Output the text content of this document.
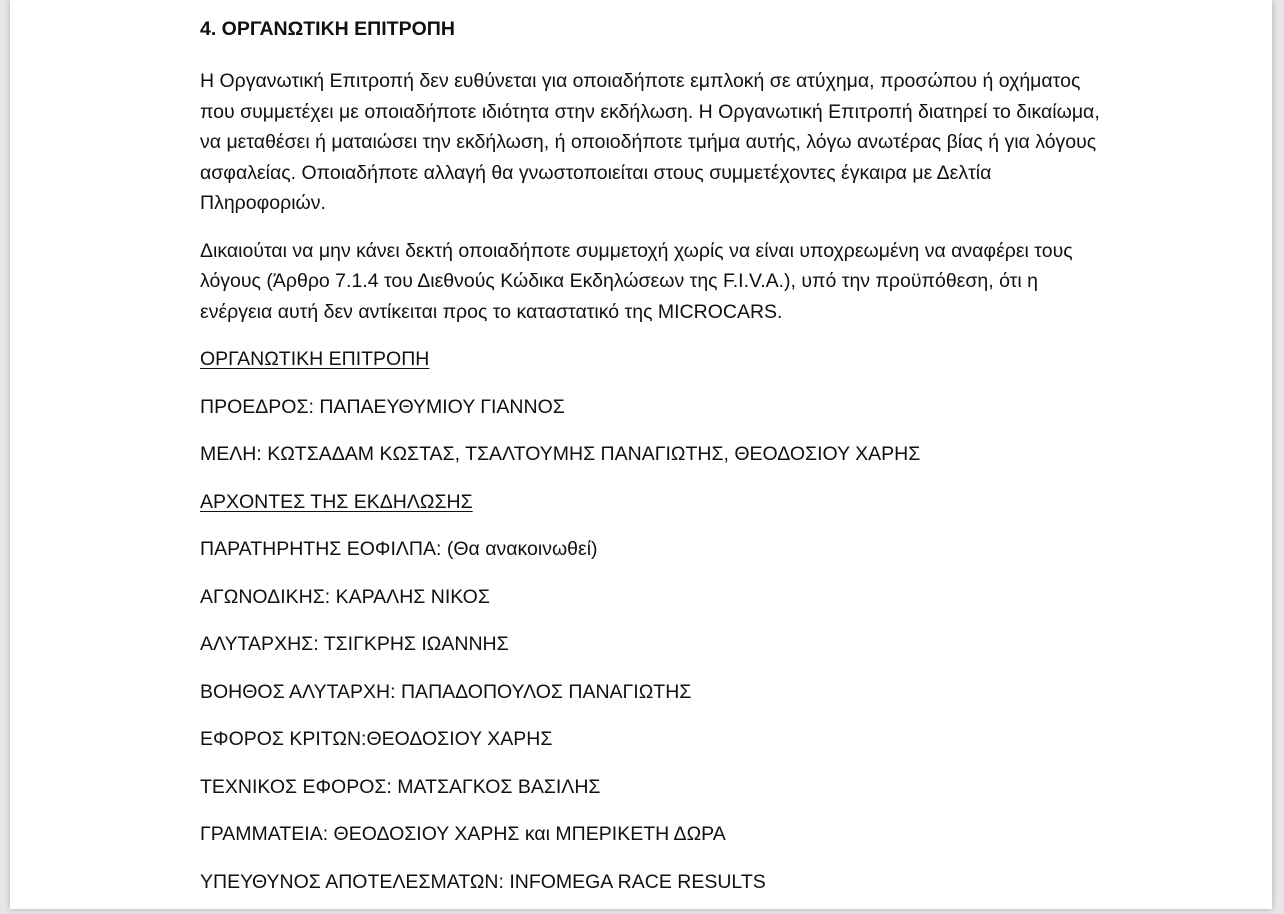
4. ΟΡΓΑΝΩΤΙΚΗ ΕΠΙΤΡΟΠΗ
Η Οργανωτική Επιτροπή δεν ευθύνεται για οποιαδήποτε εμπλοκή σε ατύχημα, προσώπου ή οχήματος που συμμετέχει με οποιαδήποτε ιδιότητα στην εκδήλωση. Η Οργανωτική Επιτροπή διατηρεί το δικαίωμα, να μεταθέσει ή ματαιώσει την εκδήλωση, ή οποιοδήποτε τμήμα αυτής, λόγω ανωτέρας βίας ή για λόγους ασφαλείας. Οποιαδήποτε αλλαγή θα γνωστοποιείται στους συμμετέχοντες έγκαιρα με Δελτία Πληροφοριών.
Δικαιούται να μην κάνει δεκτή οποιαδήποτε συμμετοχή χωρίς να είναι υποχρεωμένη να αναφέρει τους λόγους (Άρθρο 7.1.4 του Διεθνούς Κώδικα Εκδηλώσεων της F.I.V.A.), υπό την προϋπόθεση, ότι η ενέργεια αυτή δεν αντίκειται προς το καταστατικό της MICROCARS.
ΟΡΓΑΝΩΤΙΚΗ ΕΠΙΤΡΟΠΗ
ΠΡΟΕΔΡΟΣ: ΠΑΠΑΕΥΘΥΜΙΟΥ ΓΙΑΝΝΟΣ
ΜΕΛΗ: ΚΩΤΣΑΔΑΜ ΚΩΣΤΑΣ, ΤΣΑΛΤΟΥΜΗΣ ΠΑΝΑΓΙΩΤΗΣ, ΘΕΟΔΟΣΙΟΥ ΧΑΡΗΣ
ΑΡΧΟΝΤΕΣ ΤΗΣ ΕΚΔΗΛΩΣΗΣ
ΠΑΡΑΤΗΡΗΤΗΣ ΕΟΦΙΛΠΑ: (Θα ανακοινωθεί)
ΑΓΩΝΟΔΙΚΗΣ: ΚΑΡΑΛΗΣ ΝΙΚΟΣ
ΑΛΥΤΑΡΧΗΣ: ΤΣΙΓΚΡΗΣ ΙΩΑΝΝΗΣ
ΒΟΗΘΟΣ ΑΛΥΤΑΡΧΗ: ΠΑΠΑΔΟΠΟΥΛΟΣ ΠΑΝΑΓΙΩΤΗΣ
ΕΦΟΡΟΣ ΚΡΙΤΩΝ:ΘΕΟΔΟΣΙΟΥ ΧΑΡΗΣ
ΤΕΧΝΙΚΟΣ ΕΦΟΡΟΣ: ΜΑΤΣΑΓΚΟΣ ΒΑΣΙΛΗΣ
ΓΡΑΜΜΑΤΕΙΑ: ΘΕΟΔΟΣΙΟΥ ΧΑΡΗΣ και ΜΠΕΡΙΚΕΤΗ ΔΩΡΑ
ΥΠΕΥΘΥΝΟΣ ΑΠΟΤΕΛΕΣΜΑΤΩΝ: INFOMEGA RACE RESULTS
